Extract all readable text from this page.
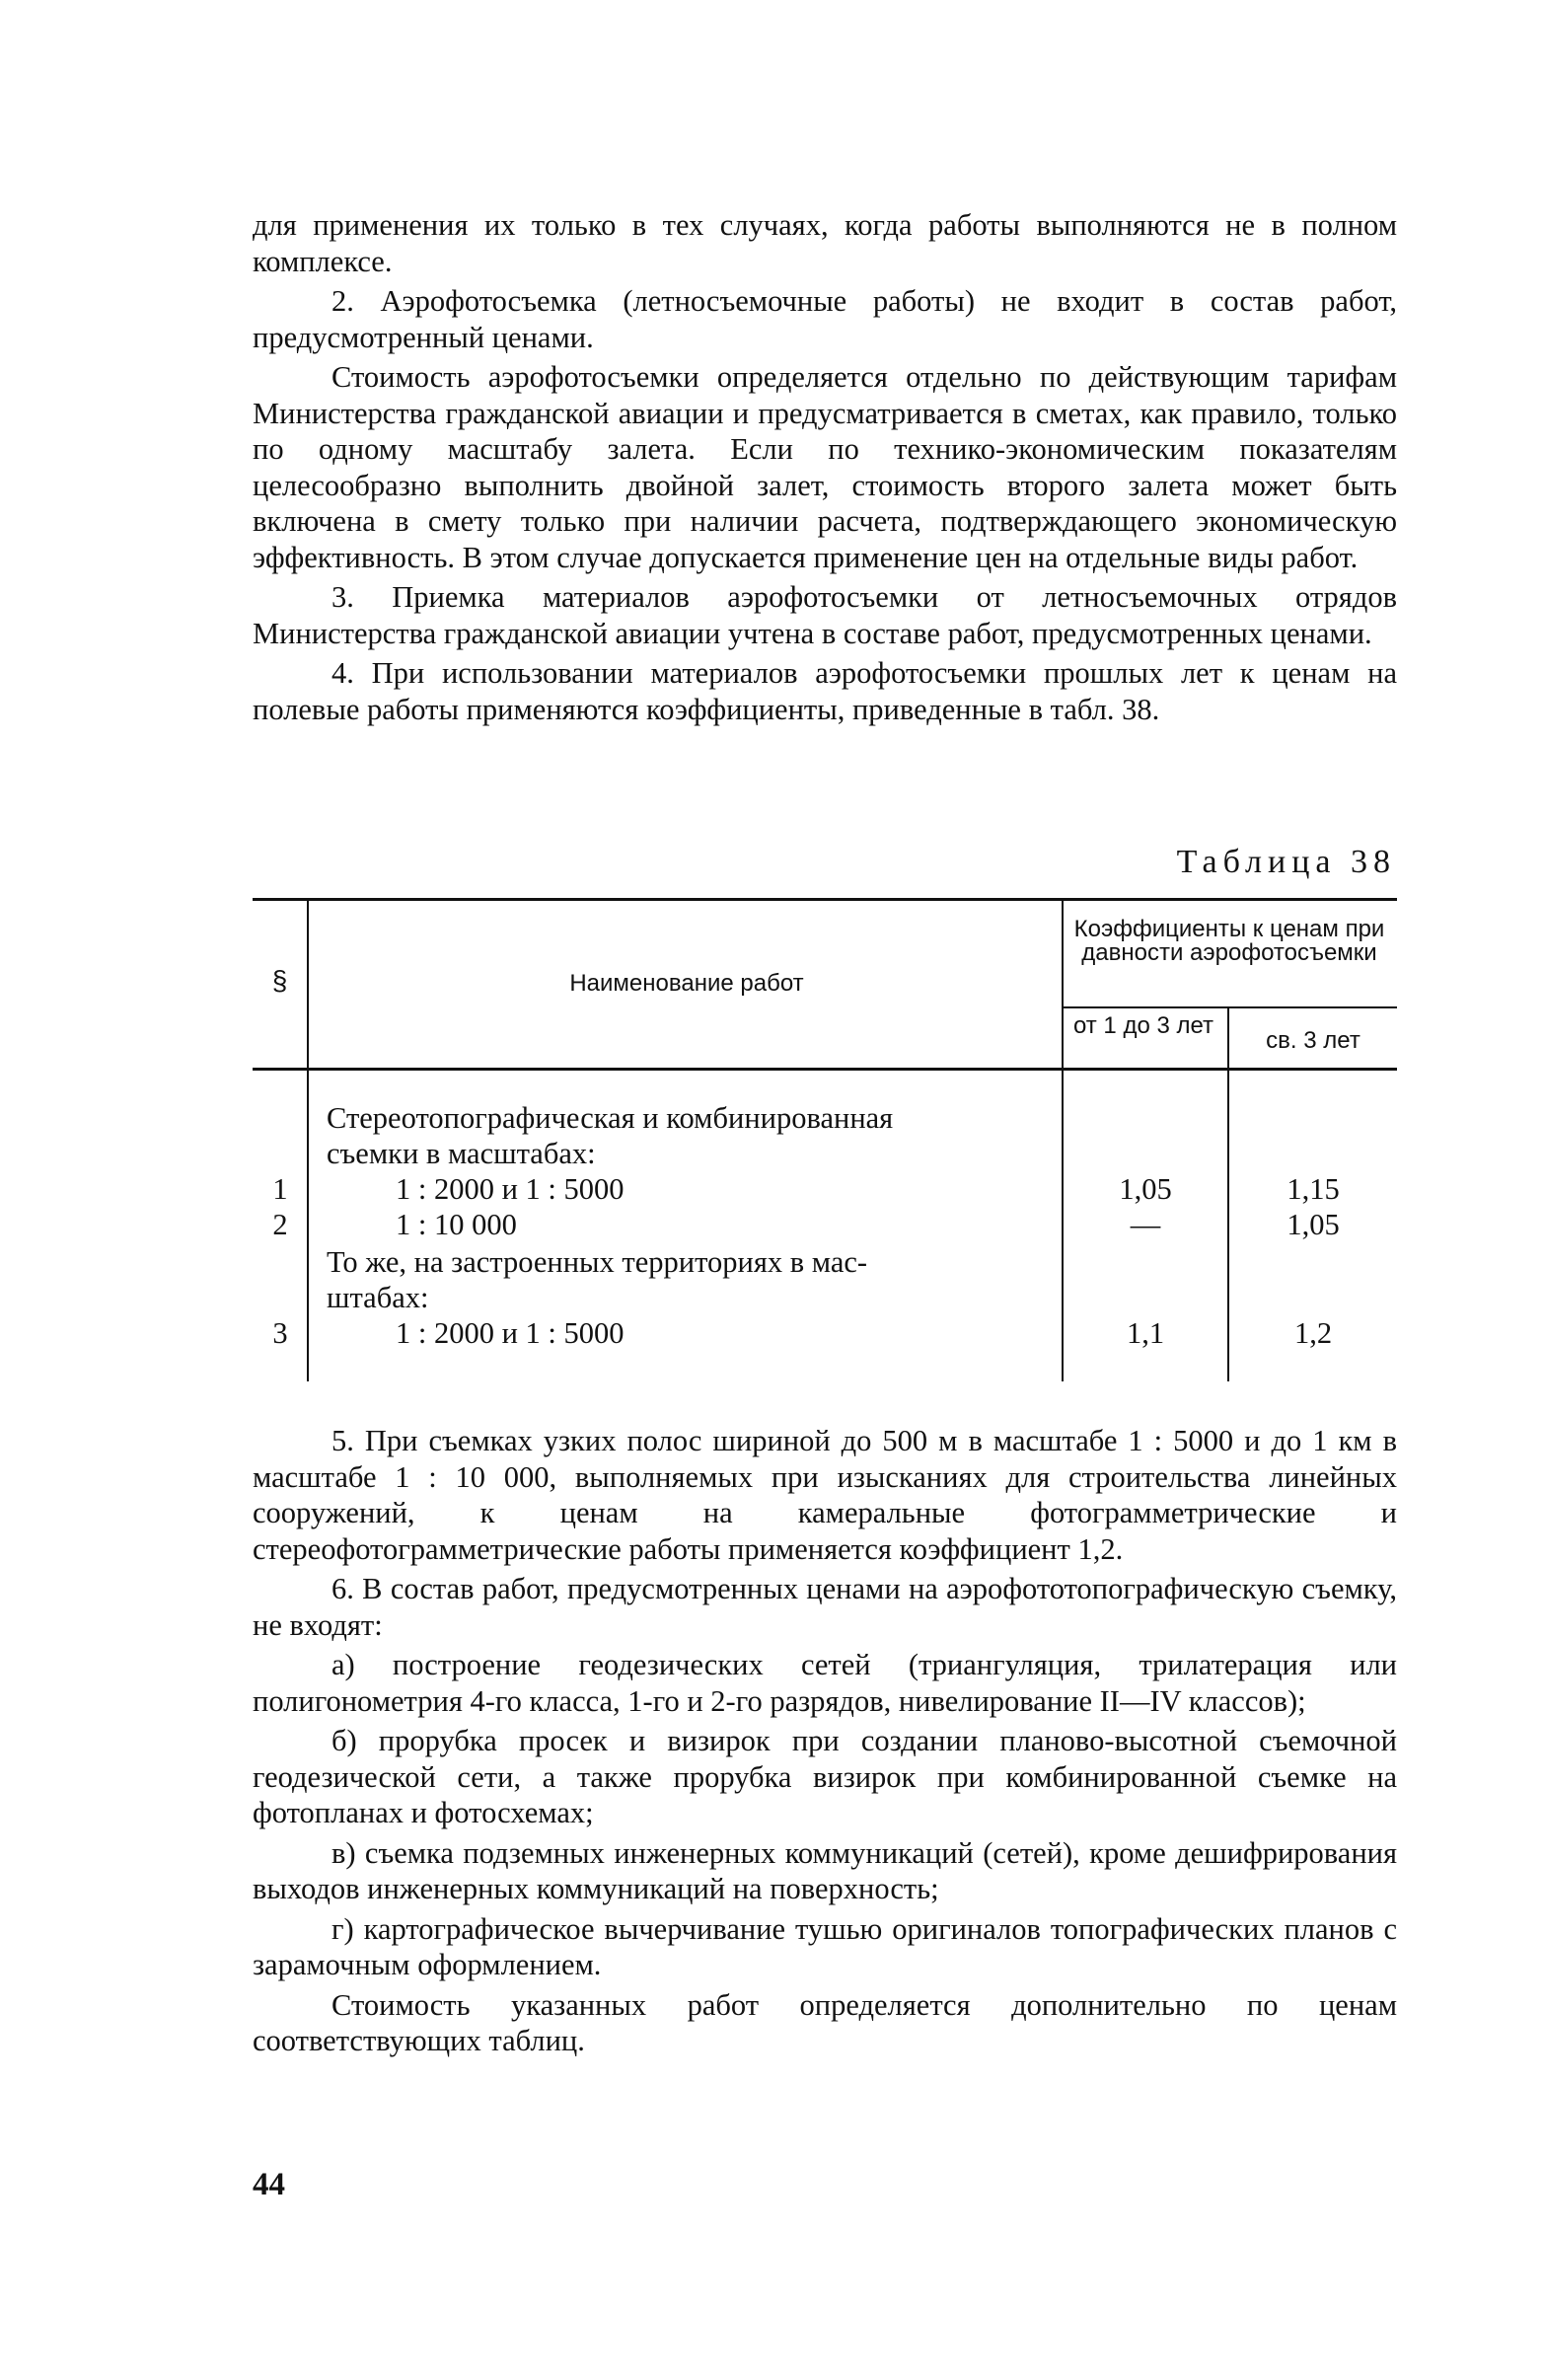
для применения их только в тех случаях, когда работы выполняются не в полном комплексе.

2. Аэрофотосъемка (летносъемочные работы) не входит в состав работ, предусмотренный ценами.

Стоимость аэрофотосъемки определяется отдельно по действующим тарифам Министерства гражданской авиации и предусматривается в сметах, как правило, только по одному масштабу залета. Если по технико-экономическим показателям целесообразно выполнить двойной залет, стоимость второго залета может быть включена в смету только при наличии расчета, подтверждающего экономическую эффективность. В этом случае допускается применение цен на отдельные виды работ.

3. Приемка материалов аэрофотосъемки от летносъемочных отрядов Министерства гражданской авиации учтена в составе работ, предусмотренных ценами.

4. При использовании материалов аэрофотосъемки прошлых лет к ценам на полевые работы применяются коэффициенты, приведенные в табл. 38.

Таблица 38
§	Наименование работ
Коэффициенты к ценам при давности аэрофотосъемки
от 1 до 3 лет
св. 3 лет
Стереотопографическая и комбинированная
съемки в масштабах:
1	1 : 2000 и 1 : 5000	1,05	1,15
2	1 : 10 000	—	1,05
То же, на застроенных территориях в мас-
штабах:
3	1 : 2000 и 1 : 5000	1,1	1,2

5. При съемках узких полос шириной до 500 м в масштабе 1 : 5000 и до 1 км в масштабе 1 : 10 000, выполняемых при изысканиях для строительства линейных сооружений, к ценам на камеральные фотограмметрические и стереофотограмметрические работы применяется коэффициент 1,2.

6. В состав работ, предусмотренных ценами на аэрофототопографическую съемку, не входят:

а) построение геодезических сетей (триангуляция, трилатерация или полигонометрия 4-го класса, 1-го и 2-го разрядов, нивелирование II—IV классов);

б) прорубка просек и визирок при создании планово-высотной съемочной геодезической сети, а также прорубка визирок при комбинированной съемке на фотопланах и фотосхемах;

в) съемка подземных инженерных коммуникаций (сетей), кроме дешифрирования выходов инженерных коммуникаций на поверхность;

г) картографическое вычерчивание тушью оригиналов топографических планов с зарамочным оформлением.

Стоимость указанных работ определяется дополнительно по ценам соответствующих таблиц.

44
